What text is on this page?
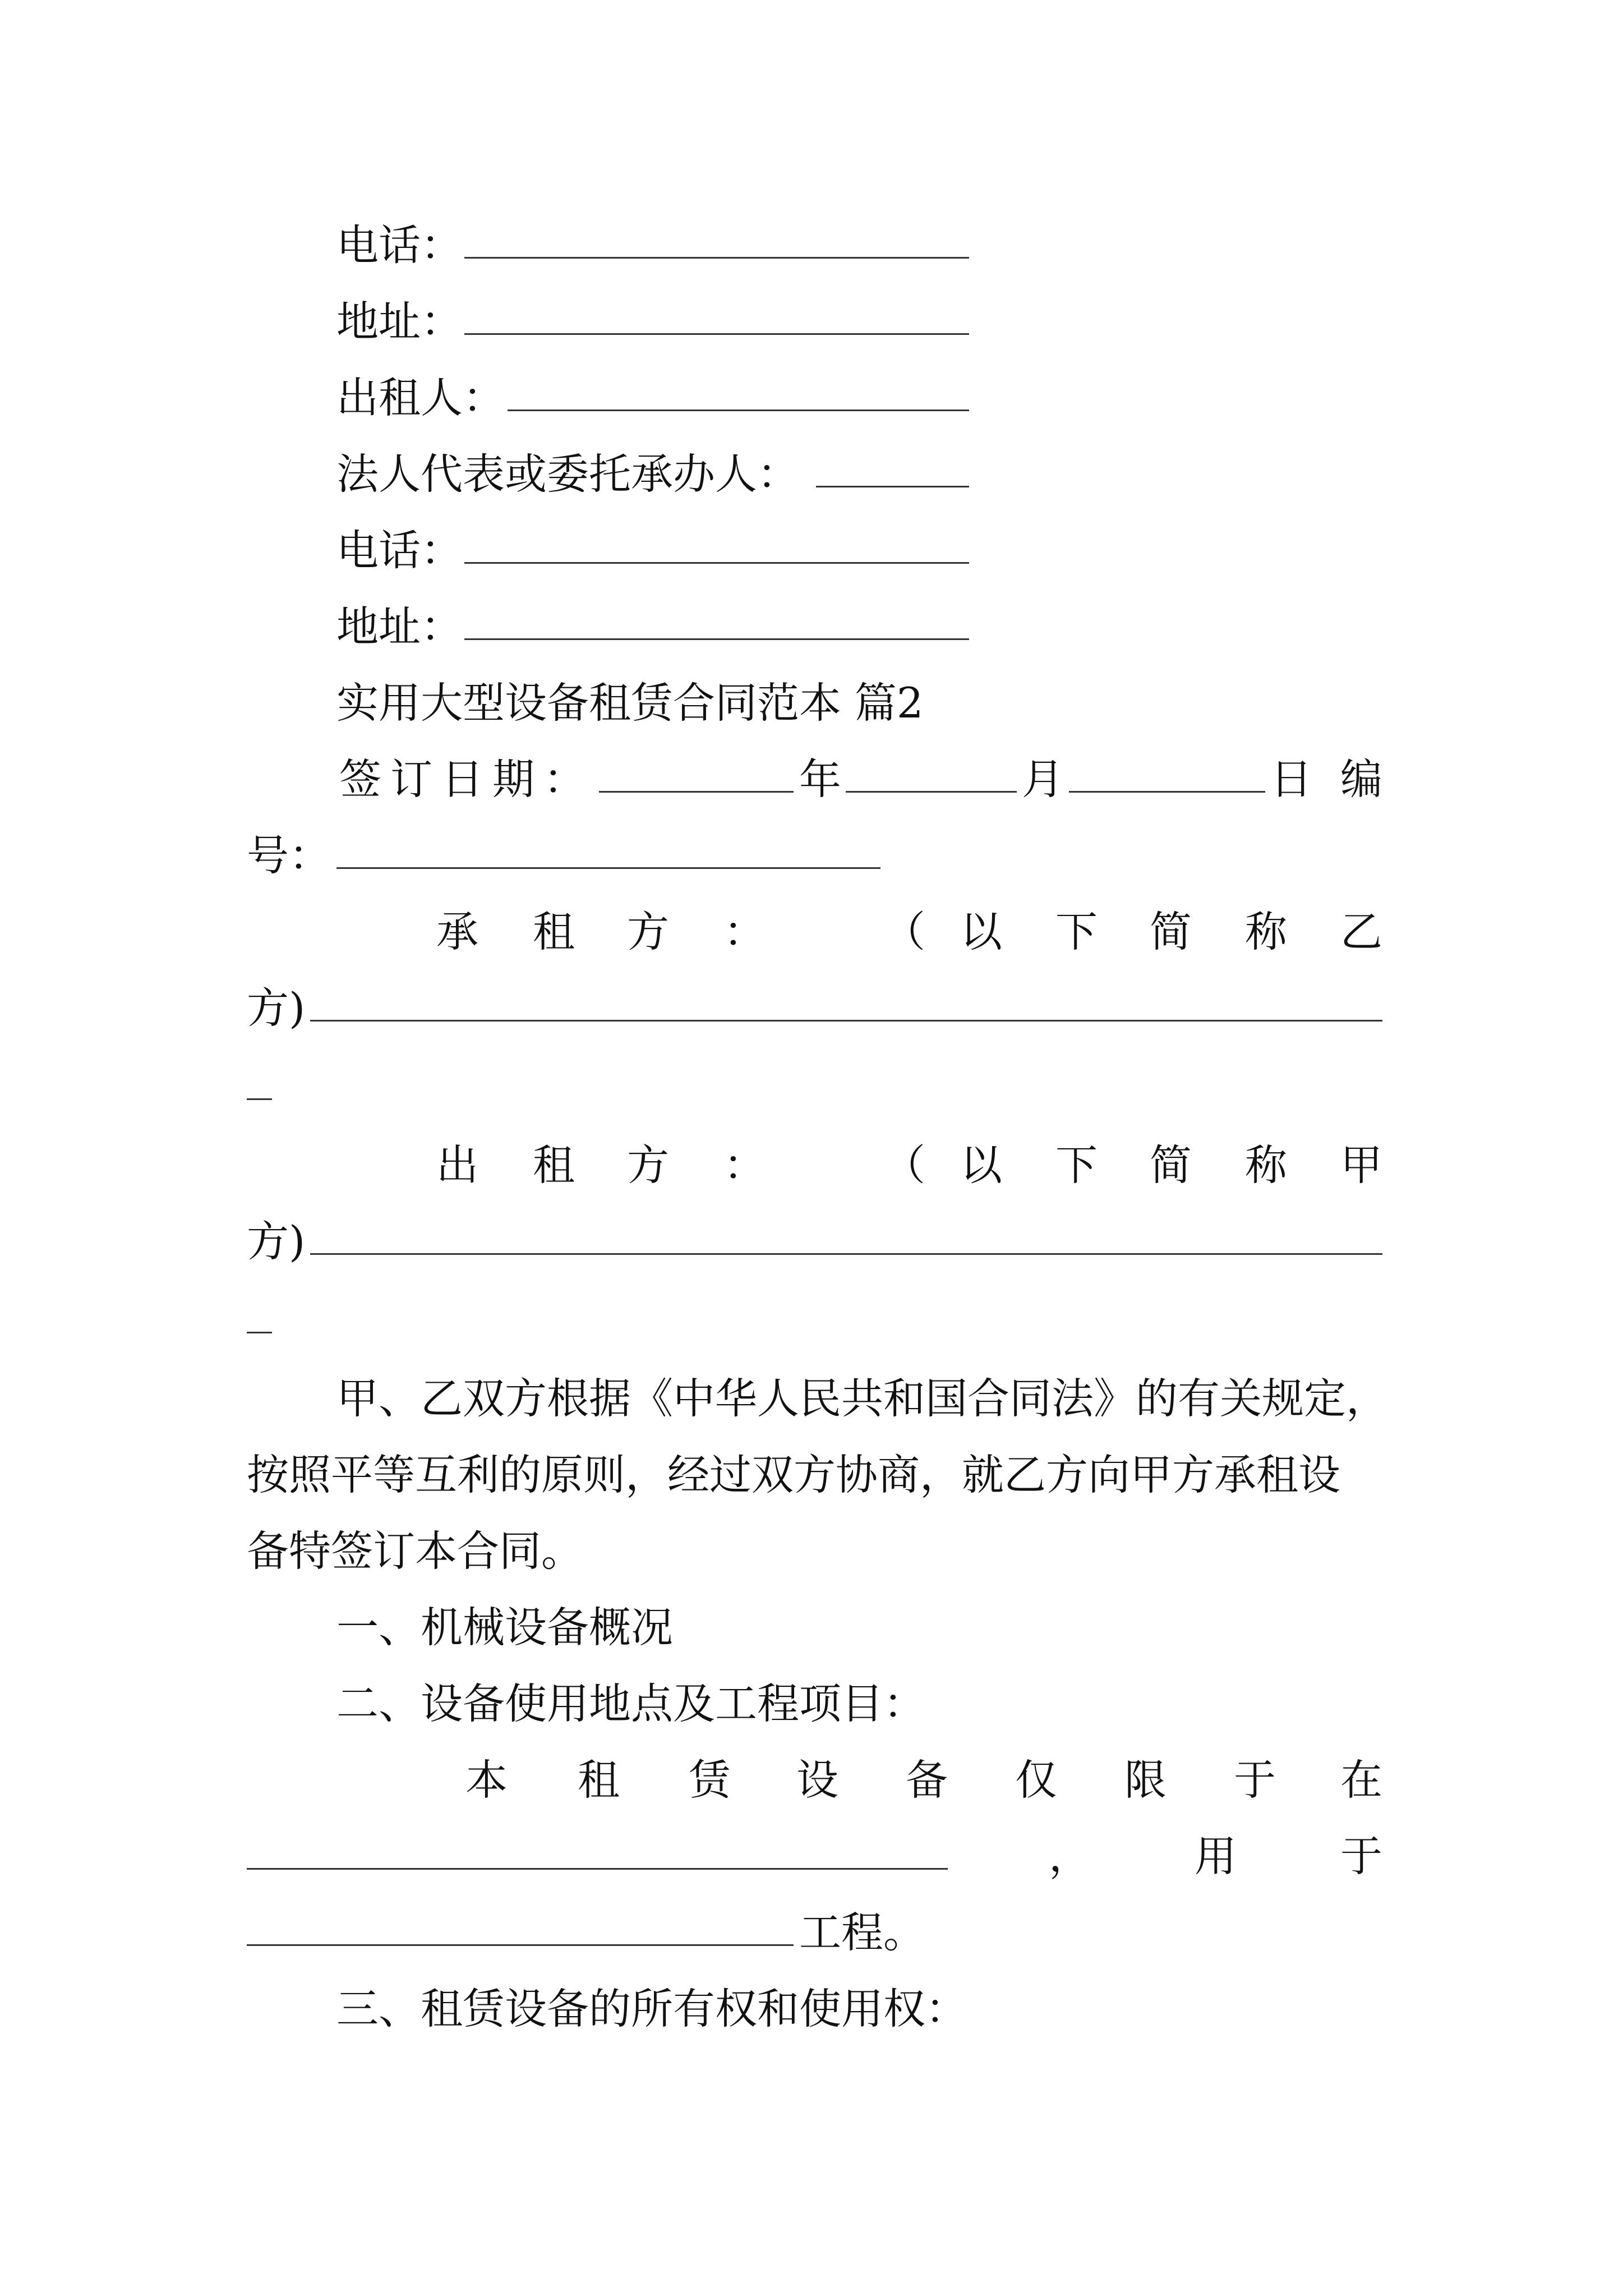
电话：
地址：
出租人：
法人代表或委托承办人：
电话：
地址：
实用大型设备租赁合同范本 篇2
签订日期：	年	月	日 编
号：
承 租 方 ：	（ 以 下 简 称 乙
方)
出 租 方 ：	（ 以 下 简 称 甲
方)
甲、乙双方根据《中华人民共和国合同法》的有关规定，
按照平等互利的原则，经过双方协商，就乙方向甲方承租设
备特签订本合同。
一、机械设备概况
二、设备使用地点及工程项目：
本 租 赁 设 备 仅 限 于 在
， 用 于
工程。
三、租赁设备的所有权和使用权：
